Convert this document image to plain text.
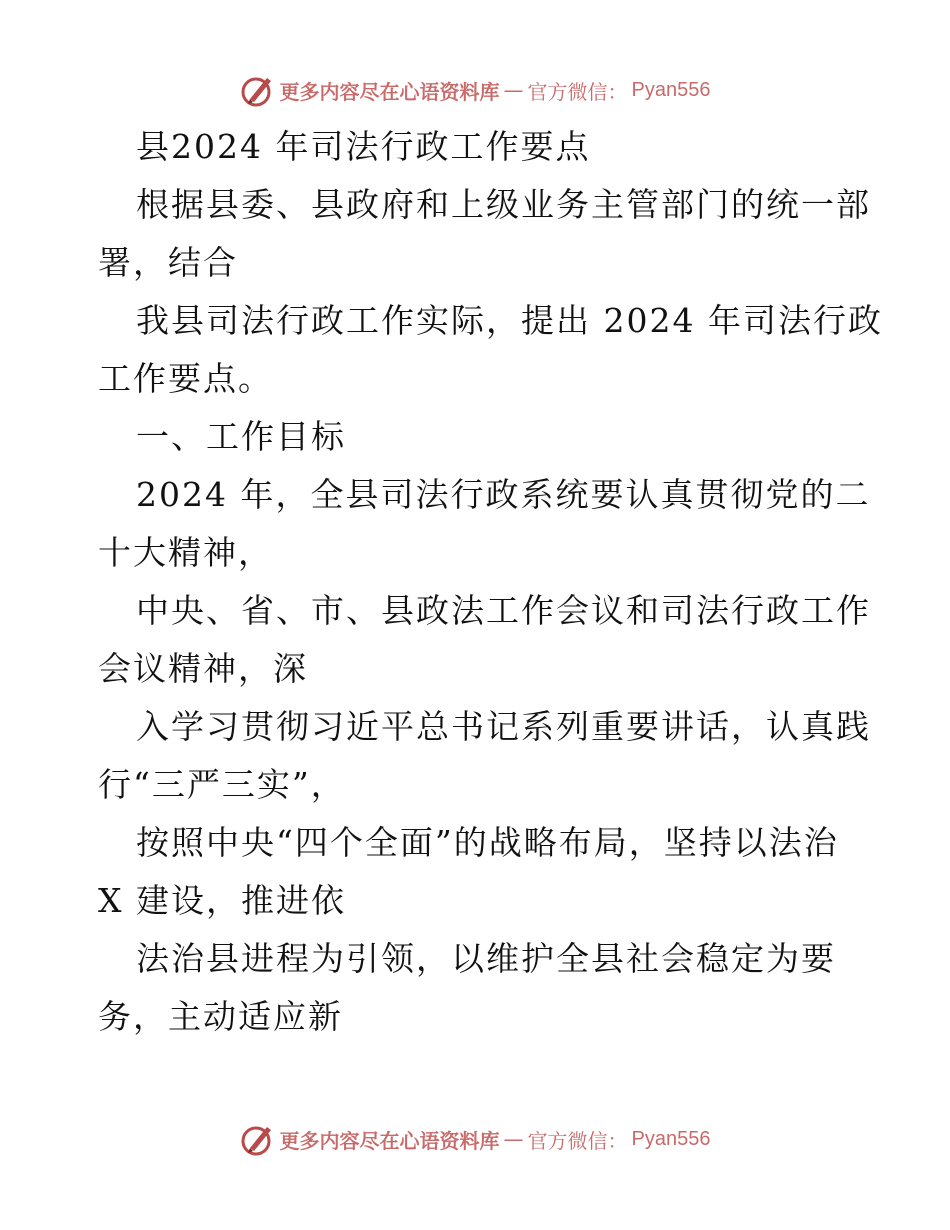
更多内容尽在心语资料库 — 官方微信： Pyan556
县2024 年司法行政工作要点
根据县委、县政府和上级业务主管部门的统一部
署，结合
我县司法行政工作实际，提出 2024 年司法行政
工作要点。
一、工作目标
2024 年，全县司法行政系统要认真贯彻党的二
十大精神，
中央、省、市、县政法工作会议和司法行政工作
会议精神，深
入学习贯彻习近平总书记系列重要讲话，认真践
行“三严三实”，
按照中央“四个全面”的战略布局，坚持以法治
X 建设，推进依
法治县进程为引领，以维护全县社会稳定为要
务，主动适应新
更多内容尽在心语资料库 — 官方微信： Pyan556
